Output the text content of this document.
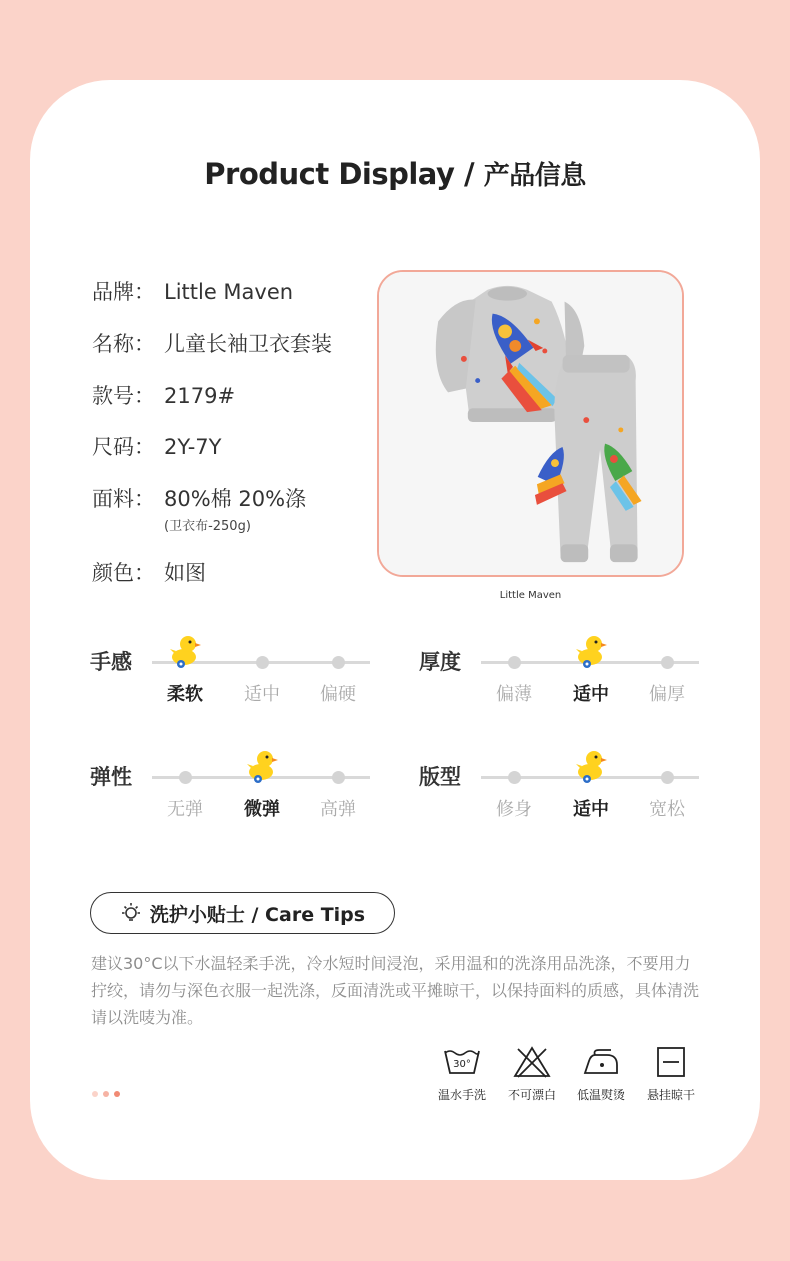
Product Display / 产品信息
品牌： Little Maven
名称： 儿童长袖卫衣套装
款号： 2179#
尺码： 2Y-7Y
面料： 80%棉 20%涤
(卫衣布-250g)
颜色： 如图
Little Maven
手感
柔软	适中	偏硬
厚度
偏薄	适中	偏厚
弹性
无弹	微弹	高弹
版型
修身	适中	宽松
洗护小贴士 / Care Tips
建议30°C以下水温轻柔手洗，冷水短时间浸泡，采用温和的洗涤用品洗涤，不要用力拧绞，请勿与深色衣服一起洗涤，反面清洗或平摊晾干，以保持面料的质感，具体清洗请以洗唛为准。
30°
温水手洗	不可漂白	低温熨烫	悬挂晾干
